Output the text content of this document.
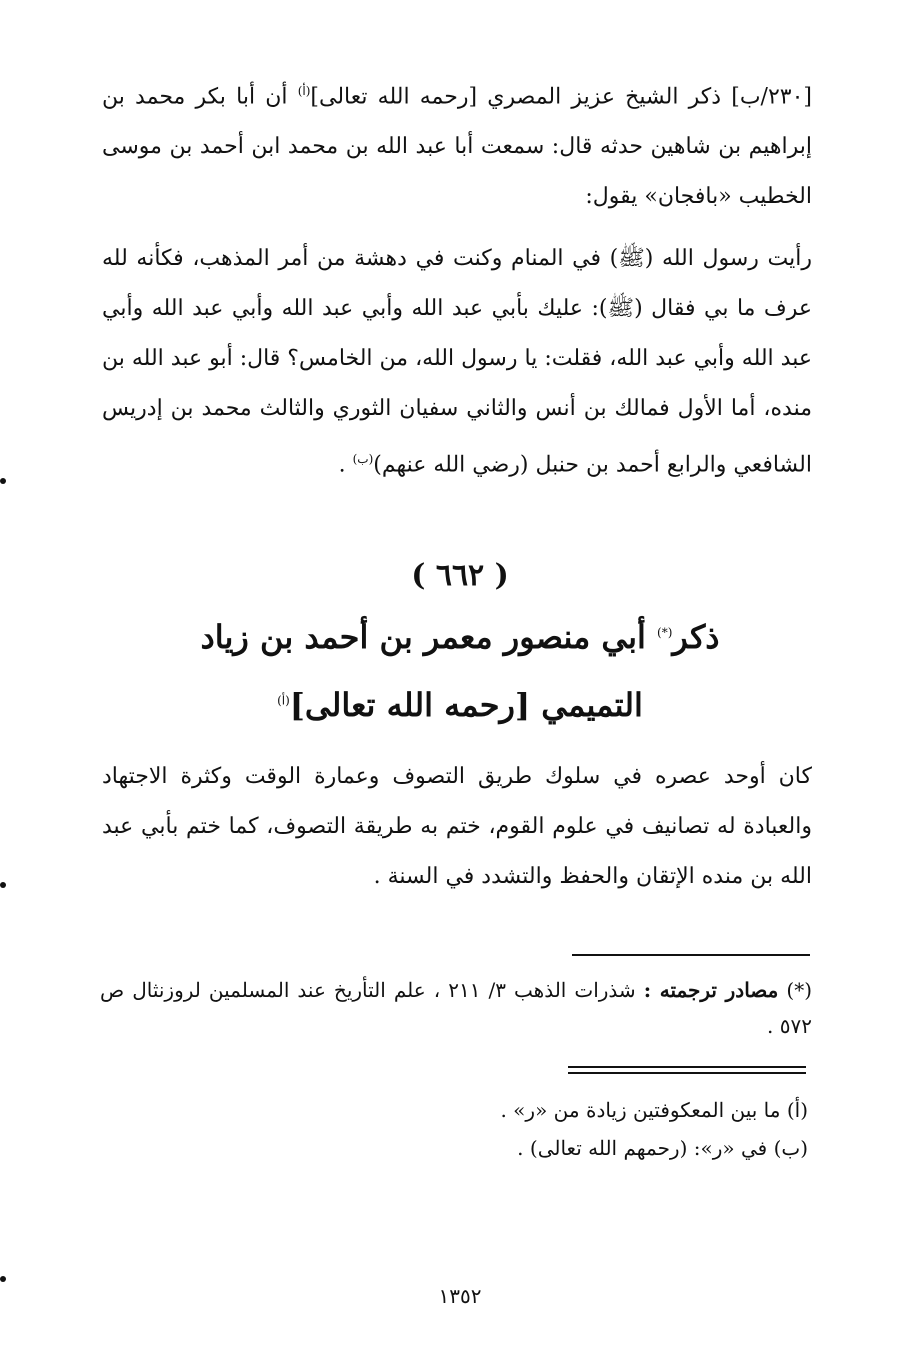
[٢٣٠/ب] ذكر الشيخ عزيز المصري [رحمه الله تعالى]$^{(أ)}$ أن أبا بكر محمد بن إبراهيم بن شاهين حدثه قال: سمعت أبا عبد الله بن محمد ابن أحمد بن موسى الخطيب «بافجان» يقول:
رأيت رسول الله (ﷺ) في المنام وكنت في دهشة من أمر المذهب، فكأنه لله عرف ما بي فقال (ﷺ): عليك بأبي عبد الله وأبي عبد الله وأبي عبد الله وأبي عبد الله وأبي عبد الله، فقلت: يا رسول الله، من الخامس؟ قال: أبو عبد الله بن منده، أما الأول فمالك بن أنس والثاني سفيان الثوري والثالث محمد بن إدريس الشافعي والرابع أحمد بن حنبل (رضي الله عنهم)$^{(ب)}$ .
( ٦٦٢ )
ذكر(*) أبي منصور معمر بن أحمد بن زياد
التميمي [رحمه الله تعالى]$^{(أ)}$
كان أوحد عصره في سلوك طريق التصوف وعمارة الوقت وكثرة الاجتهاد والعبادة له تصانيف في علوم القوم، ختم به طريقة التصوف، كما ختم بأبي عبد الله بن منده الإتقان والحفظ والتشدد في السنة .
(*) مصادر ترجمته : شذرات الذهب ٣/ ٢١١ ، علم التأريخ عند المسلمين لروزنثال ص ٥٧٢ .
(أ) ما بين المعكوفتين زيادة من «ر» .
(ب) في «ر»: (رحمهم الله تعالى) .
١٣٥٢
